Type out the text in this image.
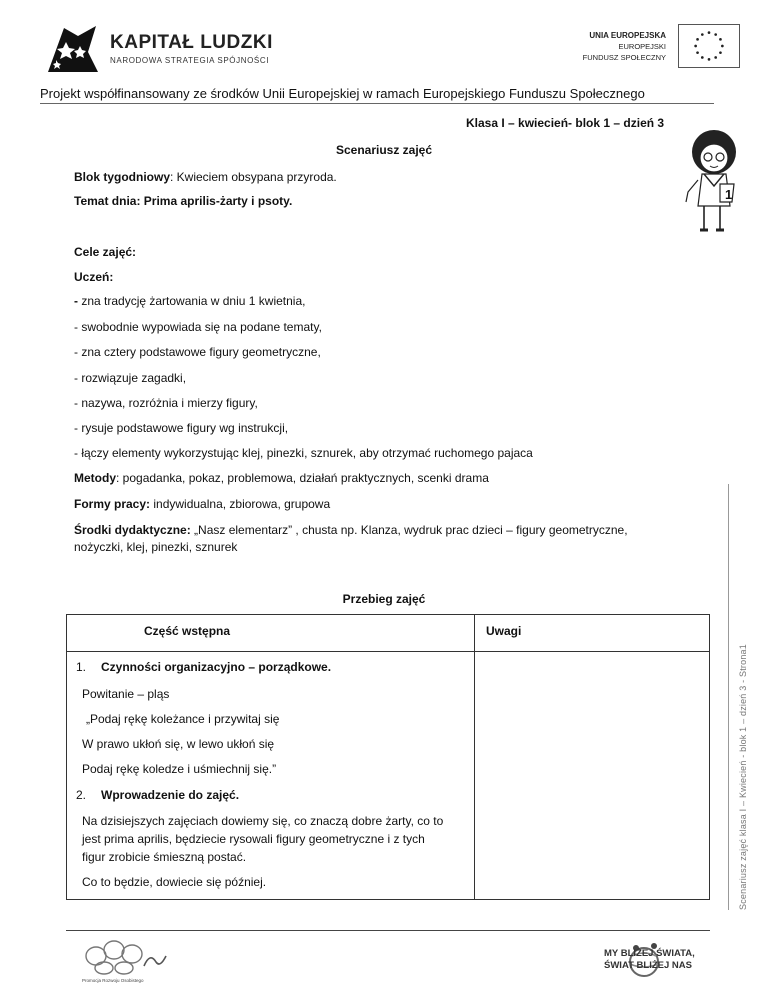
KAPITAŁ LUDZKI
NARODOWA STRATEGIA SPÓJNOŚCI
UNIA EUROPEJSKA
EUROPEJSKI
FUNDUSZ SPOŁECZNY
Projekt współfinansowany ze środków Unii Europejskiej w ramach Europejskiego Funduszu Społecznego
Klasa I – kwiecień- blok 1 – dzień 3
1
Scenariusz zajęć
Blok tygodniowy: Kwieciem obsypana przyroda.
Temat dnia: Prima aprilis-żarty i psoty.
Cele zajęć:
Uczeń:
- zna tradycję żartowania w dniu 1 kwietnia,
- swobodnie wypowiada się na podane tematy,
- zna cztery podstawowe figury geometryczne,
- rozwiązuje zagadki,
- nazywa, rozróżnia i mierzy figury,
- rysuje podstawowe figury wg instrukcji,
- łączy elementy wykorzystując klej, pinezki, sznurek, aby otrzymać ruchomego pajaca
Metody: pogadanka, pokaz, problemowa, działań praktycznych, scenki drama
Formy pracy: indywidualna, zbiorowa, grupowa
Środki dydaktyczne: „Nasz elementarz” , chusta np. Klanza, wydruk prac dzieci – figury geometryczne,
nożyczki, klej, pinezki, sznurek
Przebieg zajęć
Część wstępna	Uwagi
1. Czynności organizacyjno – porządkowe.
Powitanie – pląs
„Podaj rękę koleżance i przywitaj się
W prawo ukłoń się, w lewo ukłoń się
Podaj rękę koledze i uśmiechnij się.”
2. Wprowadzenie do zajęć.
Na dzisiejszych zajęciach dowiemy się, co znaczą dobre żarty, co to
jest prima aprilis, będziecie rysowali figury geometryczne i z tych
figur zrobicie śmieszną postać.
Co to będzie, dowiecie się później.	Scenariusz zajęć klasa I – Kwiecień - blok 1 – dzień 3 - Strona1
Promocja Rozwoju Osobistego
MY BLIŻEJ ŚWIATA,
ŚWIAT BLIŻEJ NAS
